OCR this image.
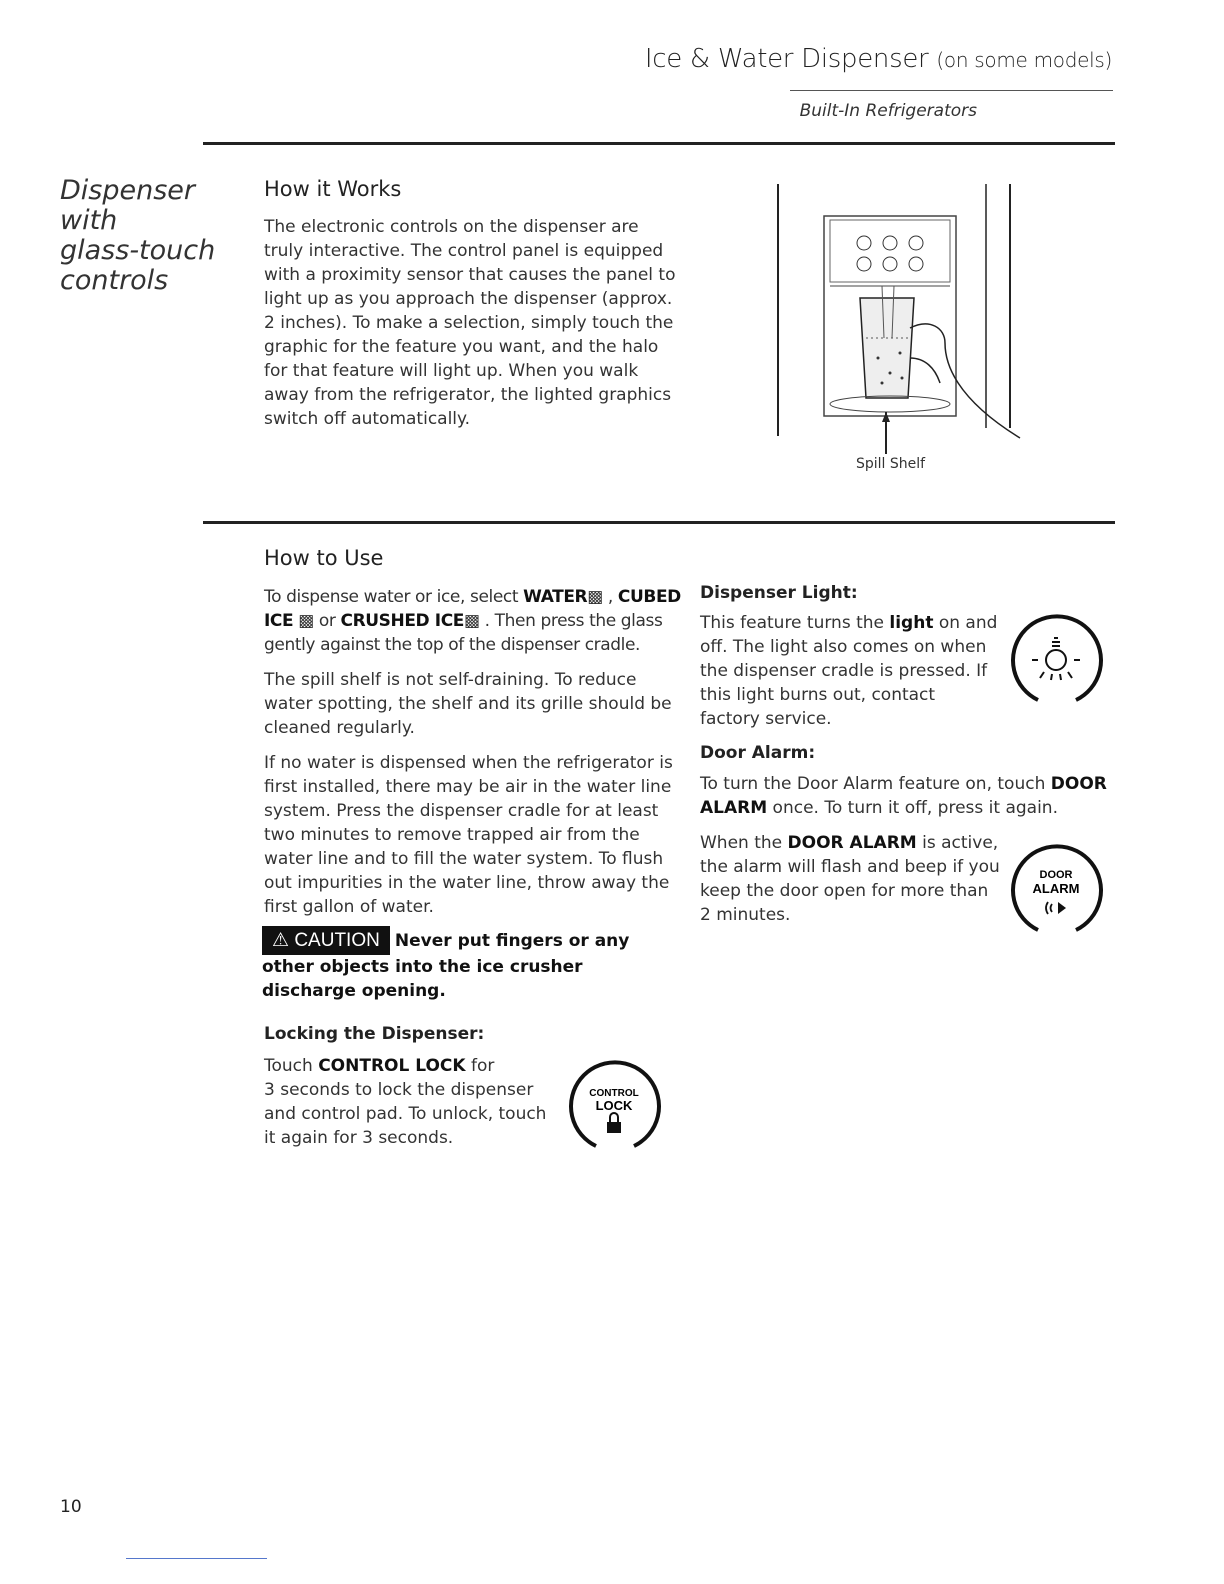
Ice & Water Dispenser (on some models)
Built-In Refrigerators
Dispenser
with
glass-touch
controls
How it Works

The electronic controls on the dispenser are truly interactive. The control panel is equipped with a proximity sensor that causes the panel to light up as you approach the dispenser (approx. 2 inches). To make a selection, simply touch the graphic for the feature you want, and the halo for that feature will light up. When you walk away from the refrigerator, the lighted graphics switch off automatically.

Spill Shelf
How to Use

To dispense water or ice, select WATER▩ , CUBED ICE ▩ or CRUSHED ICE▩ . Then press the glass gently against the top of the dispenser cradle.

The spill shelf is not self-draining. To reduce water spotting, the shelf and its grille should be cleaned regularly.

If no water is dispensed when the refrigerator is first installed, there may be air in the water line system. Press the dispenser cradle for at least two minutes to remove trapped air from the water line and to fill the water system. To flush out impurities in the water line, throw away the first gallon of water.

⚠ CAUTION Never put fingers or any
other objects into the ice crusher discharge opening.
Locking the Dispenser:

Touch CONTROL LOCK for
3 seconds to lock the dispenser and control pad. To unlock, touch it again for 3 seconds.

CONTROL
LOCK
Dispenser Light:

This feature turns the light on and off. The light also comes on when the dispenser cradle is pressed. If this light burns out, contact factory service.

Door Alarm:

To turn the Door Alarm feature on, touch DOOR ALARM once. To turn it off, press it again.

When the DOOR ALARM is active, the alarm will flash and beep if you keep the door open for more than 2 minutes.

DOOR
ALARM
10
